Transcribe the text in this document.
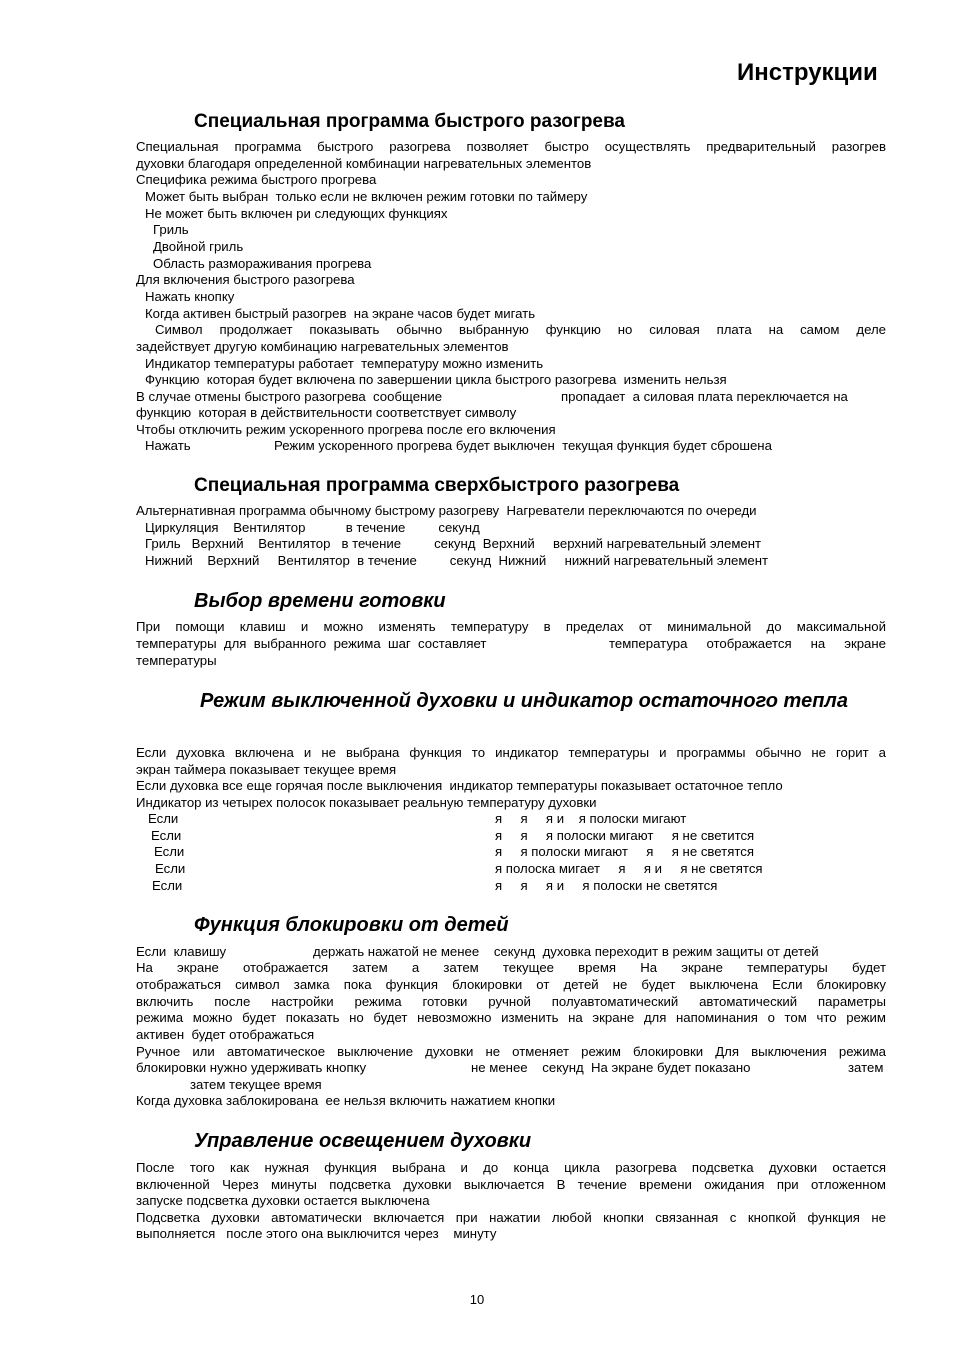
Инструкции
Специальная программа быстрого разогрева
Специальная программа быстрого разогрева позволяет быстро осуществлять предварительный разогрев
духовки благодаря определенной комбинации нагревательных элементов
Специфика режима быстрого прогрева
Может быть выбран  только если не включен режим готовки по таймеру
Не может быть включен ри следующих функциях
Гриль
Двойной гриль
Область размораживания прогрева
Для включения быстрого разогрева
Нажать кнопку
Когда активен быстрый разогрев  на экране часов будет мигать
Символ продолжает показывать обычно выбранную функцию но силовая плата на самом деле
задействует другую комбинацию нагревательных элементов
Индикатор температуры работает  температуру можно изменить
Функцию  которая будет включена по завершении цикла быстрого разогрева  изменить нельзя
В случае отмены быстрого разогрева  сообщение	пропадает  а силовая плата переключается на
функцию  которая в действительности соответствует символу
Чтобы отключить режим ускоренного прогрева после его включения
Нажать	Режим ускоренного прогрева будет выключен  текущая функция будет сброшена
Специальная программа сверхбыстрого разогрева
Альтернативная программа обычному быстрому разогреву  Нагреватели переключаются по очереди
Циркуляция    Вентилятор           в течение         секунд
Гриль   Верхний    Вентилятор   в течение         секунд  Верхний     верхний нагревательный элемент
Нижний    Верхний     Вентилятор  в течение         секунд  Нижний     нижний нагревательный элемент
Выбор времени готовки
При помощи клавиш и можно изменять температуру в пределах от минимальной до максимальной
температуры  для  выбранного  режима  шаг  составляет	температура отображается на экране
температуры
Режим выключенной духовки и индикатор остаточного тепла
Если духовка включена и не выбрана функция то индикатор температуры и программы обычно не горит а
экран таймера показывает текущее время
Если духовка все еще горячая после выключения  индикатор температуры показывает остаточное тепло
Индикатор из четырех полосок показывает реальную температуру духовки
Если	я     я     я и    я полоски мигают
Если	я     я     я полоски мигают     я не светится
Если	я     я полоски мигают     я     я не светятся
Если	я полоска мигает     я     я и     я не светятся
Если	я     я     я и     я полоски не светятся
Функция блокировки от детей
Если  клавишу	держать нажатой не менее    секунд  духовка переходит в режим защиты от детей
На экране отображается затем а затем текущее время На экране температуры будет
отображаться символ замка пока функция блокировки от детей не будет выключена Если блокировку
включить после настройки режима готовки ручной полуавтоматический автоматический параметры
режима можно будет показать но будет невозможно изменить на экране для напоминания о том что режим
активен  будет отображаться
Ручное или автоматическое выключение духовки не отменяет режим блокировки Для выключения режима
блокировки нужно удерживать кнопку	не менее    секунд  На экране будет показано	затем
затем текущее время
Когда духовка заблокирована  ее нельзя включить нажатием кнопки
Управление освещением духовки
После того как нужная функция выбрана и до конца цикла разогрева подсветка духовки остается
включенной Через минуты подсветка духовки выключается В течение времени ожидания при отложенном
запуске подсветка духовки остается выключена
Подсветка духовки автоматически включается при нажатии любой кнопки связанная с кнопкой функция не
выполняется   после этого она выключится через    минуту
10
